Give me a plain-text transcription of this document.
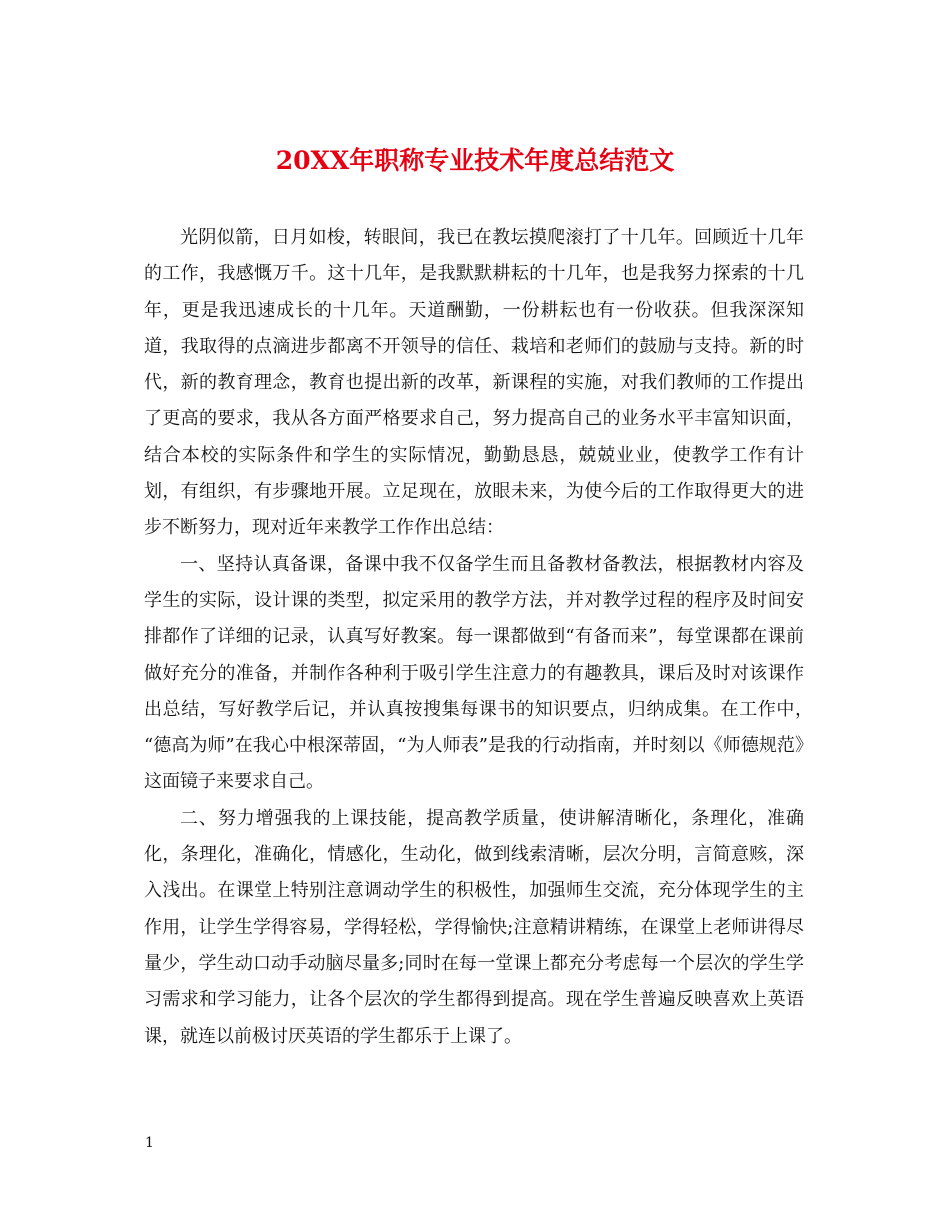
20XX年职称专业技术年度总结范文

光阴似箭，日月如梭，转眼间，我已在教坛摸爬滚打了十几年。回顾近十几年的工作，我感慨万千。这十几年，是我默默耕耘的十几年，也是我努力探索的十几年，更是我迅速成长的十几年。天道酬勤，一份耕耘也有一份收获。但我深深知道，我取得的点滴进步都离不开领导的信任、栽培和老师们的鼓励与支持。新的时代，新的教育理念，教育也提出新的改革，新课程的实施，对我们教师的工作提出了更高的要求，我从各方面严格要求自己，努力提高自己的业务水平丰富知识面，结合本校的实际条件和学生的实际情况，勤勤恳恳，兢兢业业，使教学工作有计划，有组织，有步骤地开展。立足现在，放眼未来，为使今后的工作取得更大的进步不断努力，现对近年来教学工作作出总结：

一、坚持认真备课，备课中我不仅备学生而且备教材备教法，根据教材内容及学生的实际，设计课的类型，拟定采用的教学方法，并对教学过程的程序及时间安排都作了详细的记录，认真写好教案。每一课都做到“有备而来”，每堂课都在课前做好充分的准备，并制作各种利于吸引学生注意力的有趣教具，课后及时对该课作出总结，写好教学后记，并认真按搜集每课书的知识要点，归纳成集。在工作中，　“德高为师”在我心中根深蒂固，“为人师表”是我的行动指南，并时刻以《师德规范》这面镜子来要求自己。

二、努力增强我的上课技能，提高教学质量，使讲解清晰化，条理化，准确化，条理化，准确化，情感化，生动化，做到线索清晰，层次分明，言简意赅，深入浅出。在课堂上特别注意调动学生的积极性，加强师生交流，充分体现学生的主作用，让学生学得容易，学得轻松，学得愉快;注意精讲精练，在课堂上老师讲得尽量少，学生动口动手动脑尽量多;同时在每一堂课上都充分考虑每一个层次的学生学习需求和学习能力，让各个层次的学生都得到提高。现在学生普遍反映喜欢上英语课，就连以前极讨厌英语的学生都乐于上课了。

1
